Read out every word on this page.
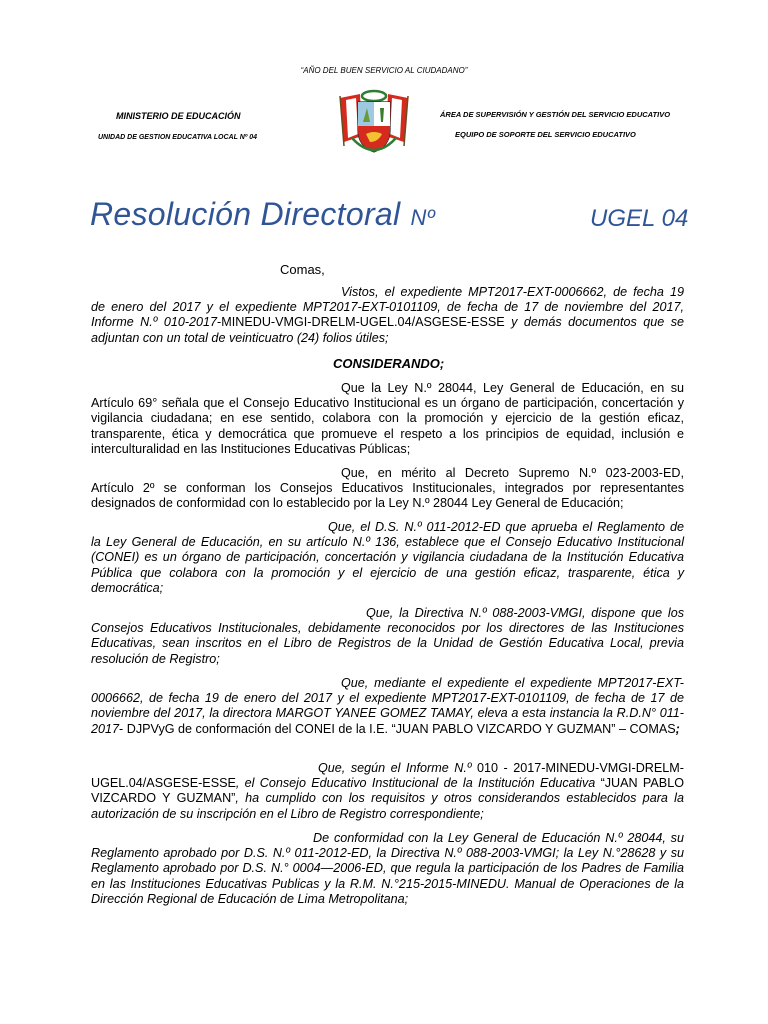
“AÑO DEL BUEN SERVICIO AL CIUDADANO”
MINISTERIO DE EDUCACIÓN
UNIDAD DE GESTION EDUCATIVA LOCAL Nº 04
ÁREA DE SUPERVISIÓN Y GESTIÓN DEL SERVICIO EDUCATIVO
EQUIPO DE SOPORTE DEL SERVICIO EDUCATIVO
Resolución Directoral Nº	UGEL 04
Comas,
Vistos, el expediente MPT2017-EXT-0006662, de fecha 19 de enero del 2017 y el expediente MPT2017-EXT-0101109, de fecha de 17 de noviembre del 2017, Informe N.º 010-2017-MINEDU-VMGI-DRELM-UGEL.04/ASGESE-ESSE y demás documentos que se adjuntan con un total de veinticuatro (24) folios útiles;
CONSIDERANDO;
Que la Ley N.º 28044, Ley General de Educación, en su Artículo 69° señala que el Consejo Educativo Institucional es un órgano de participación, concertación y vigilancia ciudadana; en ese sentido, colabora con la promoción y ejercicio de la gestión eficaz, transparente, ética y democrática que promueve el respeto a los principios de equidad, inclusión e interculturalidad en las Instituciones Educativas Públicas;
Que, en mérito al Decreto Supremo N.º 023-2003-ED, Artículo 2º se conforman los Consejos Educativos Institucionales, integrados por representantes designados de conformidad con lo establecido por la Ley N.º 28044 Ley General de Educación;
Que, el D.S. N.º 011-2012-ED que aprueba el Reglamento de la Ley General de Educación, en su artículo N.º 136, establece que el Consejo Educativo Institucional (CONEI) es un órgano de participación, concertación y vigilancia ciudadana de la Institución Educativa Pública que colabora con la promoción y el ejercicio de una gestión eficaz, trasparente, ética y democrática;
Que, la Directiva N.º 088-2003-VMGI, dispone que los Consejos Educativos Institucionales, debidamente reconocidos por los directores de las Instituciones Educativas, sean inscritos en el Libro de Registros de la Unidad de Gestión Educativa Local, previa resolución de Registro;
Que, mediante el expediente el expediente MPT2017-EXT-0006662, de fecha 19 de enero del 2017 y el expediente MPT2017-EXT-0101109, de fecha de 17 de noviembre del 2017, la directora MARGOT YANEE GOMEZ TAMAY, eleva a esta instancia la R.D.N° 011-2017- DJPVyG de conformación del CONEI de la I.E. “JUAN PABLO VIZCARDO Y GUZMAN” – COMAS;
Que, según el Informe N.º 010 - 2017-MINEDU-VMGI-DRELM-UGEL.04/ASGESE-ESSE, el Consejo Educativo Institucional de la Institución Educativa “JUAN PABLO VIZCARDO Y GUZMAN”, ha cumplido con los requisitos y otros considerandos establecidos para la autorización de su inscripción en el Libro de Registro correspondiente;
De conformidad con la Ley General de Educación N.º 28044, su Reglamento aprobado por D.S. N.º 011-2012-ED, la Directiva N.º 088-2003-VMGI; la Ley N.°28628 y su Reglamento aprobado por D.S. N.° 0004—2006-ED, que regula la participación de los Padres de Familia en las Instituciones Educativas Publicas y la R.M. N.°215-2015-MINEDU. Manual de Operaciones de la Dirección Regional de Educación de Lima Metropolitana;
